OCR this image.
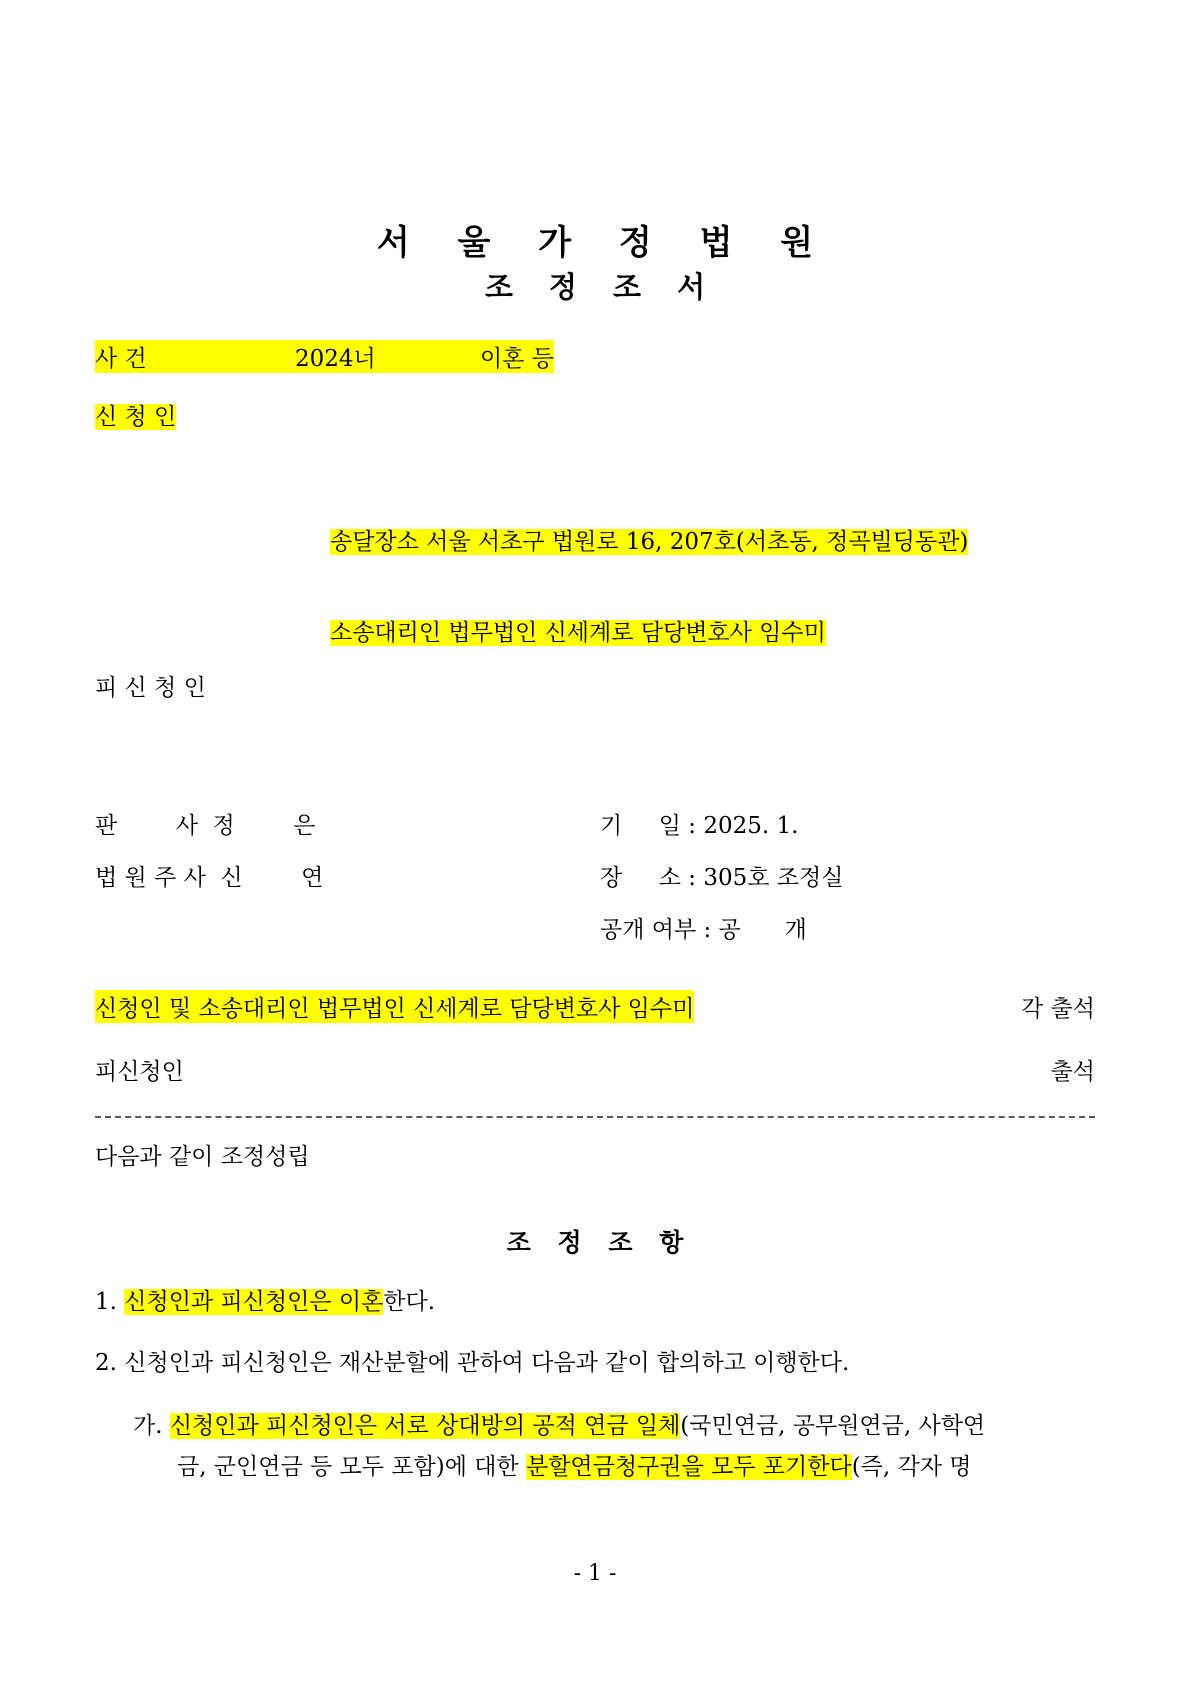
서 울 가 정 법 원
조 정 조 서
사 건	2024너	이혼 등
신 청 인
송달장소 서울 서초구 법원로 16, 207호(서초동, 정곡빌딩동관)
소송대리인 법무법인 신세계로 담당변호사 임수미
피 신 청 인
판        사  정        은	기     일 : 2025. 1.
법 원 주 사  신        연	장     소 : 305호 조정실
공개 여부 : 공      개
신청인 및 소송대리인 법무법인 신세계로 담당변호사 임수미	각 출석
피신청인	출석
다음과 같이 조정성립
조 정 조 항
1. 신청인과 피신청인은 이혼한다.
2. 신청인과 피신청인은 재산분할에 관하여 다음과 같이 합의하고 이행한다.
가. 신청인과 피신청인은 서로 상대방의 공적 연금 일체(국민연금, 공무원연금, 사학연
금, 군인연금 등 모두 포함)에 대한 분할연금청구권을 모두 포기한다(즉, 각자 명
- 1 -
